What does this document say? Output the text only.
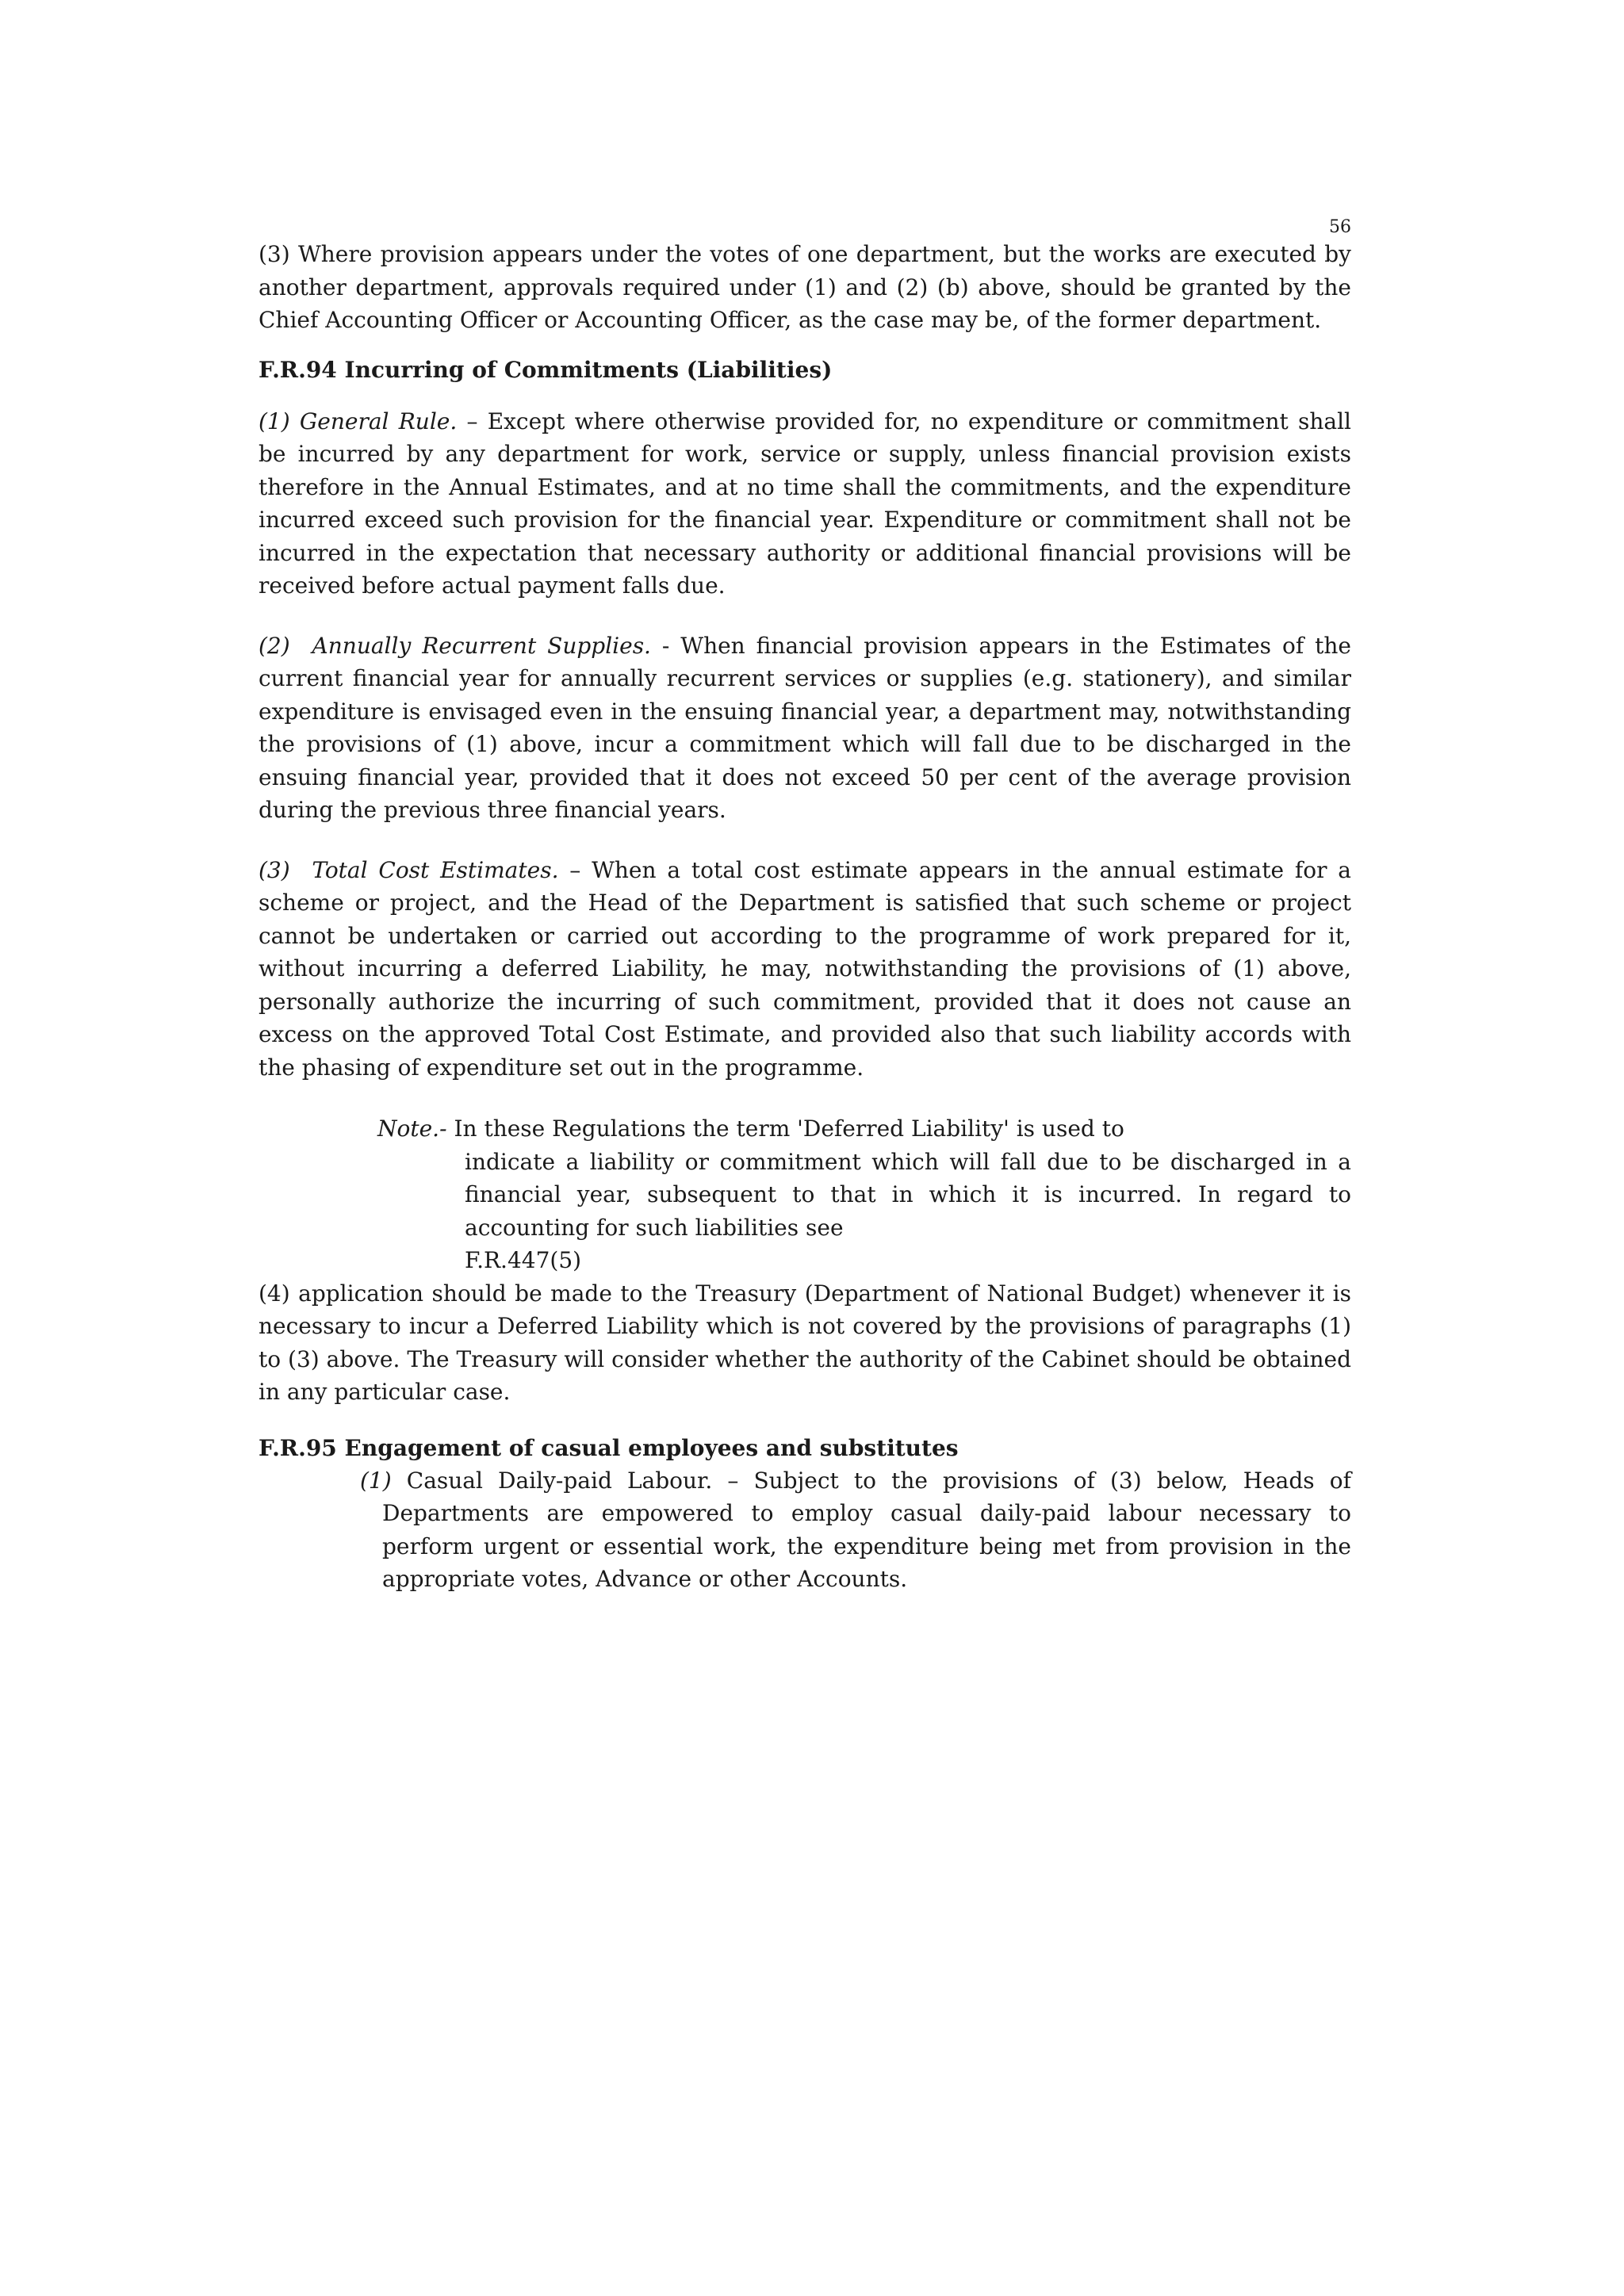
56

(3) Where provision appears under the votes of one department, but the works are executed by another department, approvals required under (1) and (2) (b) above, should be granted by the Chief Accounting Officer or Accounting Officer, as the case may be, of the former department.

F.R.94 Incurring of Commitments (Liabilities)

(1) General Rule. – Except where otherwise provided for, no expenditure or commitment shall be incurred by any department for work, service or supply, unless financial provision exists therefore in the Annual Estimates, and at no time shall the commitments, and the expenditure incurred exceed such provision for the financial year. Expenditure or commitment shall not be incurred in the expectation that necessary authority or additional financial provisions will be received before actual payment falls due.

(2) Annually Recurrent Supplies. - When financial provision appears in the Estimates of the current financial year for annually recurrent services or supplies (e.g. stationery), and similar expenditure is envisaged even in the ensuing financial year, a department may, notwithstanding the provisions of (1) above, incur a commitment which will fall due to be discharged in the ensuing financial year, provided that it does not exceed 50 per cent of the average provision during the previous three financial years.

(3) Total Cost Estimates. – When a total cost estimate appears in the annual estimate for a scheme or project, and the Head of the Department is satisfied that such scheme or project cannot be undertaken or carried out according to the programme of work prepared for it, without incurring a deferred Liability, he may, notwithstanding the provisions of (1) above, personally authorize the incurring of such commitment, provided that it does not cause an excess on the approved Total Cost Estimate, and provided also that such liability accords with the phasing of expenditure set out in the programme.

Note.- In these Regulations the term 'Deferred Liability' is used to
indicate a liability or commitment which will fall due to be discharged in a financial year, subsequent to that in which it is incurred. In regard to accounting for such liabilities see
F.R.447(5)

(4) application should be made to the Treasury (Department of National Budget) whenever it is necessary to incur a Deferred Liability which is not covered by the provisions of paragraphs (1) to (3) above. The Treasury will consider whether the authority of the Cabinet should be obtained in any particular case.

F.R.95 Engagement of casual employees and substitutes

(1) Casual Daily-paid Labour. – Subject to the provisions of (3) below, Heads of Departments are empowered to employ casual daily-paid labour necessary to perform urgent or essential work, the expenditure being met from provision in the appropriate votes, Advance or other Accounts.
